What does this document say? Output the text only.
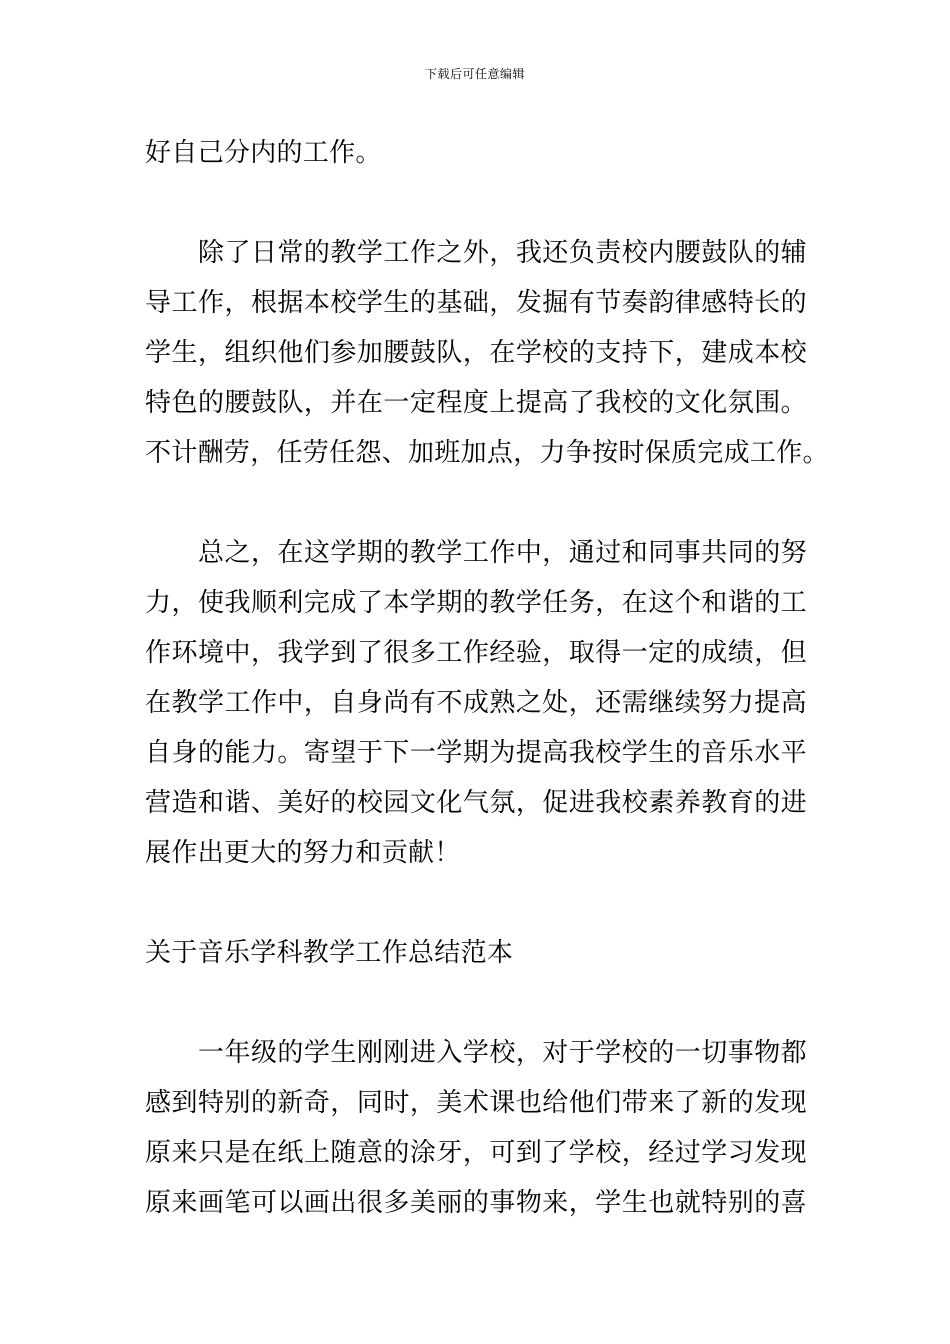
下载后可任意编辑
好自己分内的工作。
　　除了日常的教学工作之外，我还负责校内腰鼓队的辅
导工作，根据本校学生的基础，发掘有节奏韵律感特长的
学生，组织他们参加腰鼓队，在学校的支持下，建成本校
特色的腰鼓队，并在一定程度上提高了我校的文化氛围。
不计酬劳，任劳任怨、加班加点，力争按时保质完成工作。
　　总之，在这学期的教学工作中，通过和同事共同的努
力，使我顺利完成了本学期的教学任务，在这个和谐的工
作环境中，我学到了很多工作经验，取得一定的成绩，但
在教学工作中，自身尚有不成熟之处，还需继续努力提高
自身的能力。寄望于下一学期为提高我校学生的音乐水平
营造和谐、美好的校园文化气氛，促进我校素养教育的进
展作出更大的努力和贡献！
关于音乐学科教学工作总结范本
　　一年级的学生刚刚进入学校，对于学校的一切事物都
感到特别的新奇，同时，美术课也给他们带来了新的发现
原来只是在纸上随意的涂牙，可到了学校，经过学习发现
原来画笔可以画出很多美丽的事物来，学生也就特别的喜
